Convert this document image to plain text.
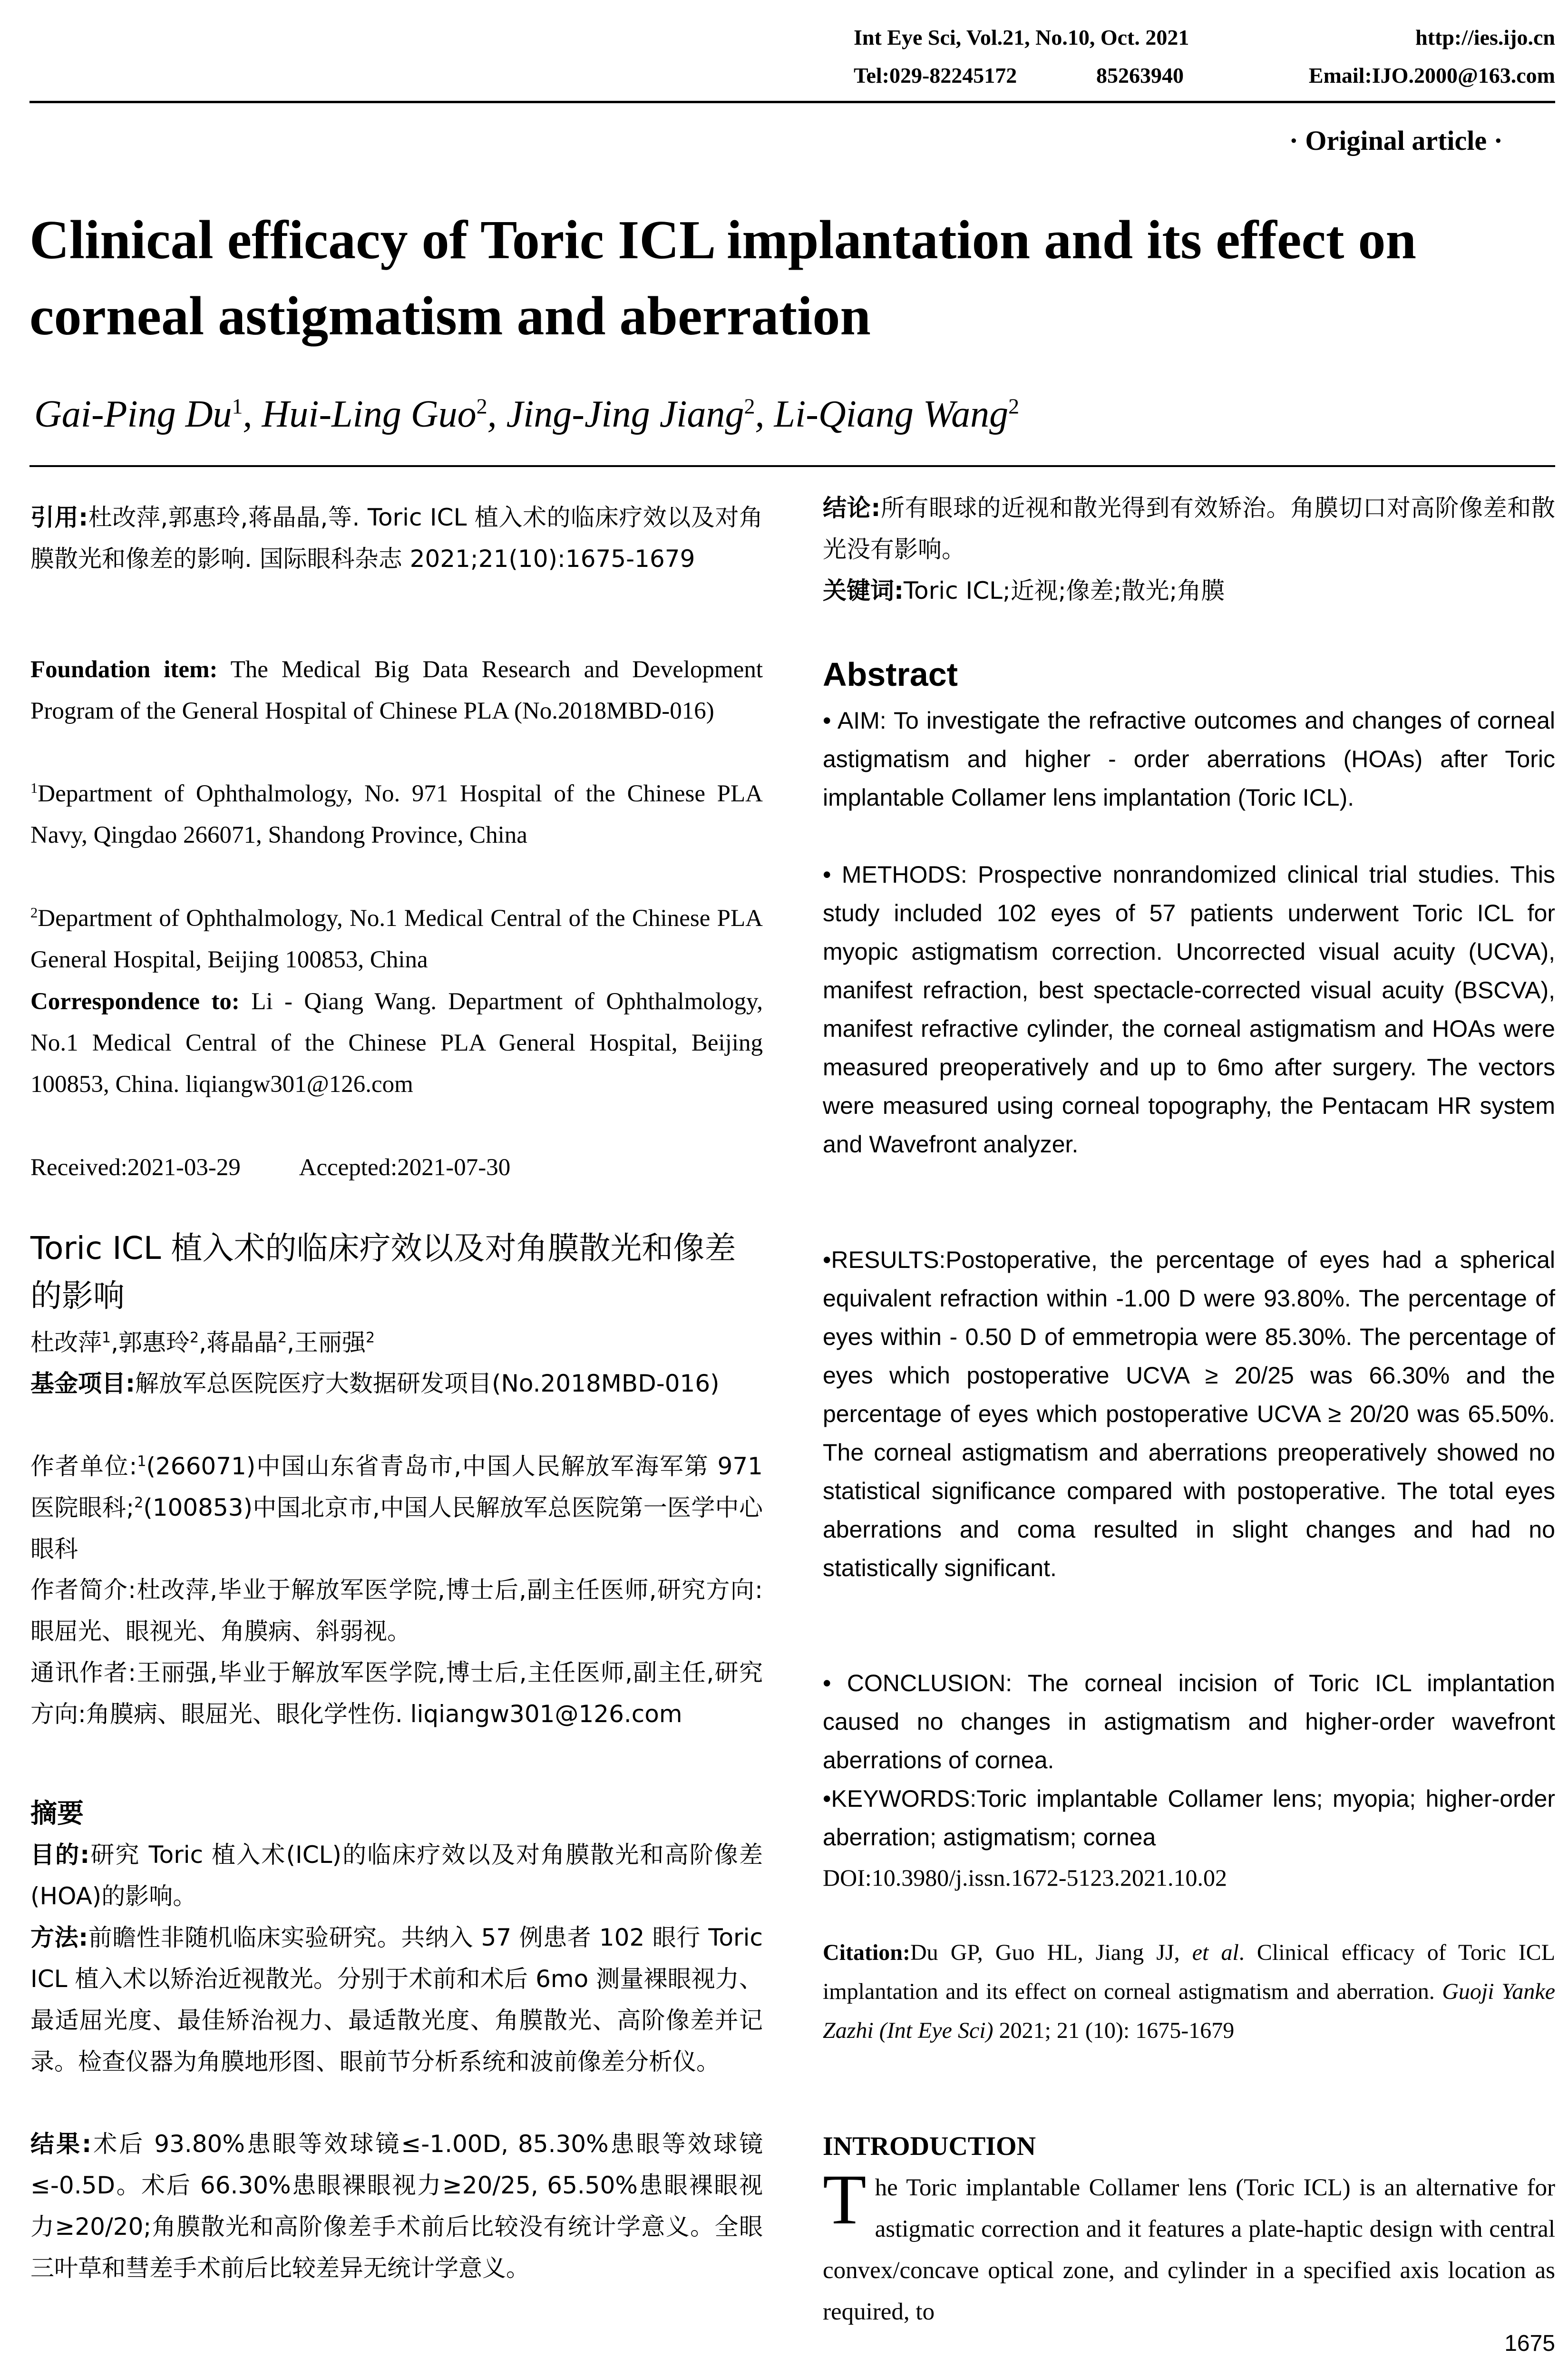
Int Eye Sci, Vol.21, No.10, Oct. 2021	http://ies.ijo.cn
Tel:029-82245172	85263940	Email:IJO.2000@163.com
· Original article ·
Clinical efficacy of Toric ICL implantation and its effect on corneal astigmatism and aberration
Gai-Ping Du$^1$, Hui-Ling Guo$^2$, Jing-Jing Jiang$^2$, Li-Qiang Wang$^2$
引用:杜改萍,郭惠玲,蒋晶晶,等. Toric ICL 植入术的临床疗效以及对角膜散光和像差的影响. 国际眼科杂志 2021;21(10):1675-1679
Foundation item: The Medical Big Data Research and Development Program of the General Hospital of Chinese PLA (No.2018MBD-016)
$^1$Department of Ophthalmology, No. 971 Hospital of the Chinese PLA Navy, Qingdao 266071, Shandong Province, China
$^2$Department of Ophthalmology, No.1 Medical Central of the Chinese PLA General Hospital, Beijing 100853, China
Correspondence to: Li - Qiang Wang. Department of Ophthalmology, No.1 Medical Central of the Chinese PLA General Hospital, Beijing 100853, China. liqiangw301@126.com
Received:2021-03-29 Accepted:2021-07-30
Toric ICL 植入术的临床疗效以及对角膜散光和像差的影响
杜改萍$^1$,郭惠玲$^2$,蒋晶晶$^2$,王丽强$^2$
基金项目:解放军总医院医疗大数据研发项目(No.2018MBD-016)
作者单位:$^1$(266071)中国山东省青岛市,中国人民解放军海军第 971 医院眼科;$^2$(100853)中国北京市,中国人民解放军总医院第一医学中心眼科
作者简介:杜改萍,毕业于解放军医学院,博士后,副主任医师,研究方向:眼屈光、眼视光、角膜病、斜弱视。
通讯作者:王丽强,毕业于解放军医学院,博士后,主任医师,副主任,研究方向:角膜病、眼屈光、眼化学性伤. liqiangw301@126.com
摘要
目的:研究 Toric 植入术(ICL)的临床疗效以及对角膜散光和高阶像差(HOA)的影响。
方法:前瞻性非随机临床实验研究。共纳入 57 例患者 102 眼行 Toric ICL 植入术以矫治近视散光。分别于术前和术后 6mo 测量裸眼视力、最适屈光度、最佳矫治视力、最适散光度、角膜散光、高阶像差并记录。检查仪器为角膜地形图、眼前节分析系统和波前像差分析仪。
结果:术后 93.80%患眼等效球镜≤-1.00D, 85.30%患眼等效球镜≤-0.5D。术后 66.30%患眼裸眼视力≥20/25, 65.50%患眼裸眼视力≥20/20;角膜散光和高阶像差手术前后比较没有统计学意义。全眼三叶草和彗差手术前后比较差异无统计学意义。
结论:所有眼球的近视和散光得到有效矫治。角膜切口对高阶像差和散光没有影响。
关键词:Toric ICL;近视;像差;散光;角膜
Abstract
• AIM: To investigate the refractive outcomes and changes of corneal astigmatism and higher - order aberrations (HOAs) after Toric implantable Collamer lens implantation (Toric ICL).
• METHODS: Prospective nonrandomized clinical trial studies. This study included 102 eyes of 57 patients underwent Toric ICL for myopic astigmatism correction. Uncorrected visual acuity (UCVA), manifest refraction, best spectacle-corrected visual acuity (BSCVA), manifest refractive cylinder, the corneal astigmatism and HOAs were measured preoperatively and up to 6mo after surgery. The vectors were measured using corneal topography, the Pentacam HR system and Wavefront analyzer.
•RESULTS:Postoperative, the percentage of eyes had a spherical equivalent refraction within -1.00 D were 93.80%. The percentage of eyes within - 0.50 D of emmetropia were 85.30%. The percentage of eyes which postoperative UCVA ≥ 20/25 was 66.30% and the percentage of eyes which postoperative UCVA ≥ 20/20 was 65.50%. The corneal astigmatism and aberrations preoperatively showed no statistical significance compared with postoperative. The total eyes aberrations and coma resulted in slight changes and had no statistically significant.
• CONCLUSION: The corneal incision of Toric ICL implantation caused no changes in astigmatism and higher-order wavefront aberrations of cornea.
•KEYWORDS:Toric implantable Collamer lens; myopia; higher-order aberration; astigmatism; cornea
DOI:10.3980/j.issn.1672-5123.2021.10.02
Citation:Du GP, Guo HL, Jiang JJ, et al. Clinical efficacy of Toric ICL implantation and its effect on corneal astigmatism and aberration. Guoji Yanke Zazhi (Int Eye Sci) 2021; 21 (10): 1675-1679
INTRODUCTION
The Toric implantable Collamer lens (Toric ICL) is an alternative for astigmatic correction and it features a plate-haptic design with central convex/concave optical zone, and cylinder in a specified axis location as required, to
1675
